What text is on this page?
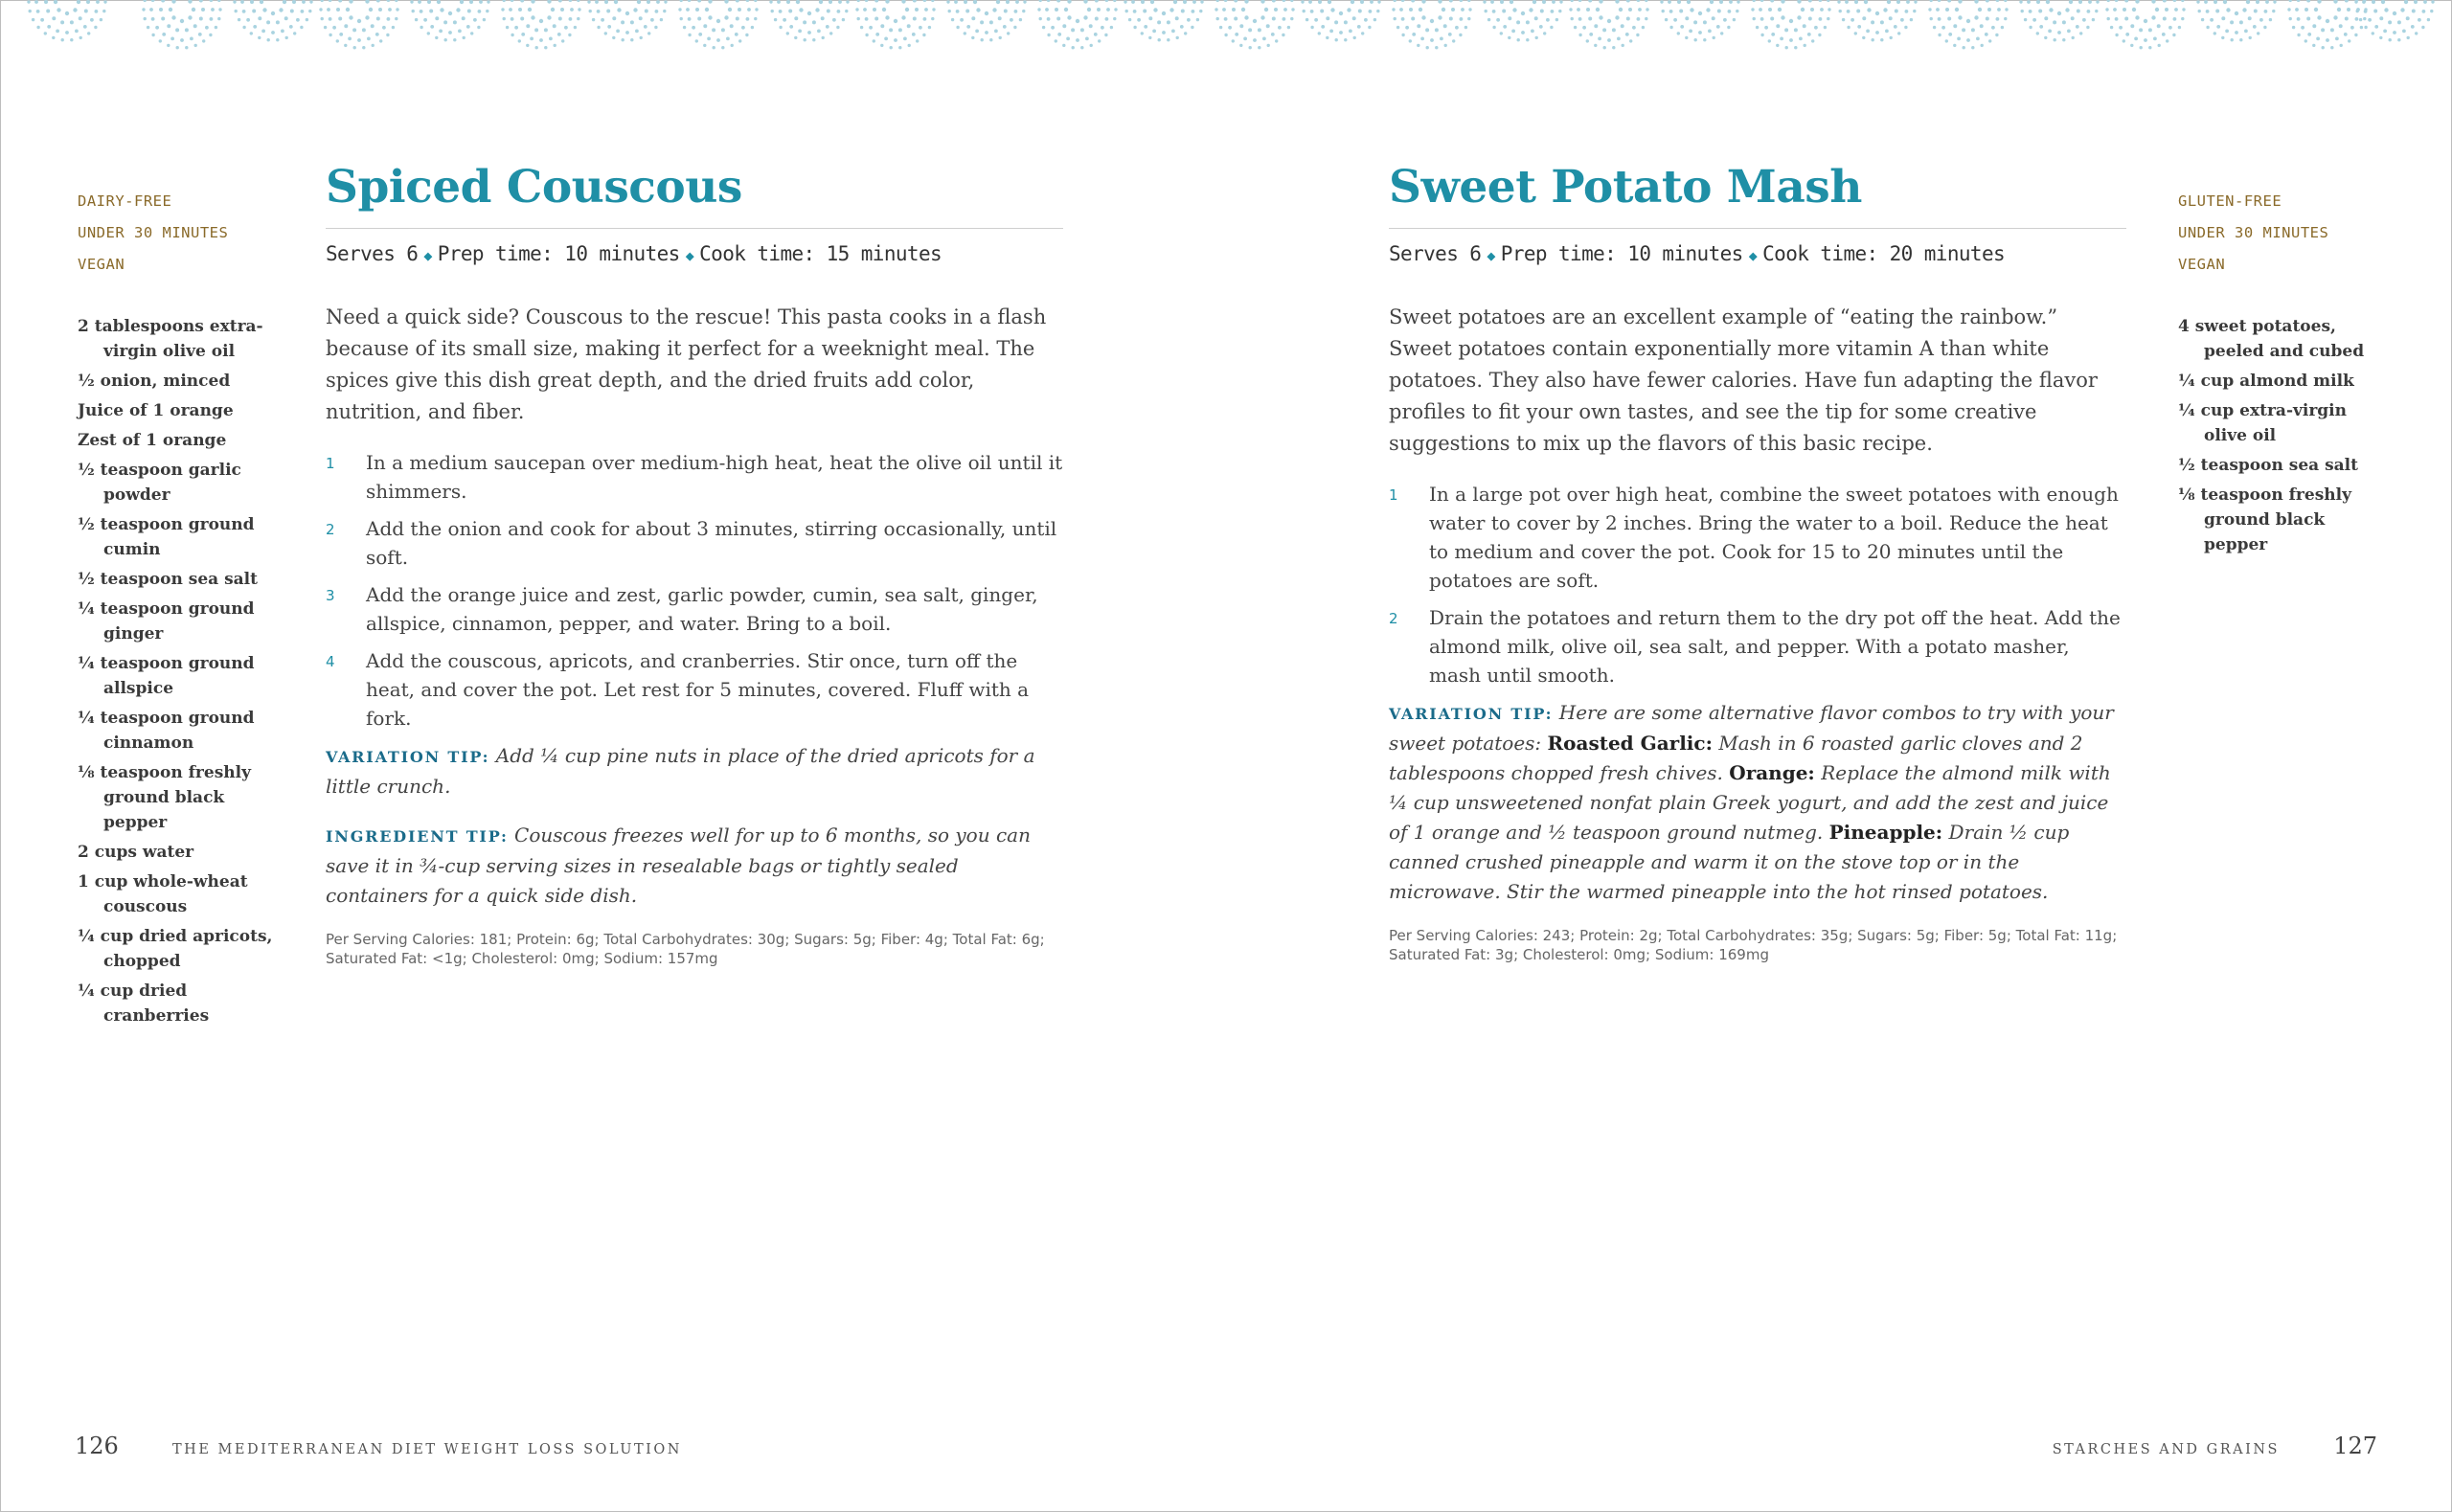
DAIRY-FREE
UNDER 30 MINUTES
VEGAN
2 tablespoons extra-virgin olive oil
½ onion, minced
Juice of 1 orange
Zest of 1 orange
½ teaspoon garlic powder
½ teaspoon ground cumin
½ teaspoon sea salt
¼ teaspoon ground ginger
¼ teaspoon ground allspice
¼ teaspoon ground cinnamon
⅛ teaspoon freshly ground black pepper
2 cups water
1 cup whole-wheat couscous
¼ cup dried apricots, chopped
¼ cup dried cranberries
Spiced Couscous
Serves 6 ◆ Prep time: 10 minutes ◆ Cook time: 15 minutes

Need a quick side? Couscous to the rescue! This pasta cooks in a flash because of its small size, making it perfect for a weeknight meal. The spices give this dish great depth, and the dried fruits add color, nutrition, and fiber.

1 In a medium saucepan over medium-high heat, heat the olive oil until it shimmers.
2 Add the onion and cook for about 3 minutes, stirring occasionally, until soft.
3 Add the orange juice and zest, garlic powder, cumin, sea salt, ginger, allspice, cinnamon, pepper, and water. Bring to a boil.
4 Add the couscous, apricots, and cranberries. Stir once, turn off the heat, and cover the pot. Let rest for 5 minutes, covered. Fluff with a fork.

VARIATION TIP: Add ¼ cup pine nuts in place of the dried apricots for a little crunch.

INGREDIENT TIP: Couscous freezes well for up to 6 months, so you can save it in ¾-cup serving sizes in resealable bags or tightly sealed containers for a quick side dish.

Per Serving Calories: 181; Protein: 6g; Total Carbohydrates: 30g; Sugars: 5g; Fiber: 4g; Total Fat: 6g; Saturated Fat: <1g; Cholesterol: 0mg; Sodium: 157mg

Sweet Potato Mash
Serves 6 ◆ Prep time: 10 minutes ◆ Cook time: 20 minutes

Sweet potatoes are an excellent example of “eating the rainbow.” Sweet potatoes contain exponentially more vitamin A than white potatoes. They also have fewer calories. Have fun adapting the flavor profiles to fit your own tastes, and see the tip for some creative suggestions to mix up the flavors of this basic recipe.

1 In a large pot over high heat, combine the sweet potatoes with enough water to cover by 2 inches. Bring the water to a boil. Reduce the heat to medium and cover the pot. Cook for 15 to 20 minutes until the potatoes are soft.
2 Drain the potatoes and return them to the dry pot off the heat. Add the almond milk, olive oil, sea salt, and pepper. With a potato masher, mash until smooth.

VARIATION TIP: Here are some alternative flavor combos to try with your sweet potatoes: Roasted Garlic: Mash in 6 roasted garlic cloves and 2 tablespoons chopped fresh chives. Orange: Replace the almond milk with ¼ cup unsweetened nonfat plain Greek yogurt, and add the zest and juice of 1 orange and ½ teaspoon ground nutmeg. Pineapple: Drain ½ cup canned crushed pineapple and warm it on the stove top or in the microwave. Stir the warmed pineapple into the hot rinsed potatoes.

Per Serving Calories: 243; Protein: 2g; Total Carbohydrates: 35g; Sugars: 5g; Fiber: 5g; Total Fat: 11g; Saturated Fat: 3g; Cholesterol: 0mg; Sodium: 169mg

GLUTEN-FREE
UNDER 30 MINUTES
VEGAN
4 sweet potatoes, peeled and cubed
¼ cup almond milk
¼ cup extra-virgin olive oil
½ teaspoon sea salt
⅛ teaspoon freshly ground black pepper
126	THE MEDITERRANEAN DIET WEIGHT LOSS SOLUTION	STARCHES AND GRAINS 127
